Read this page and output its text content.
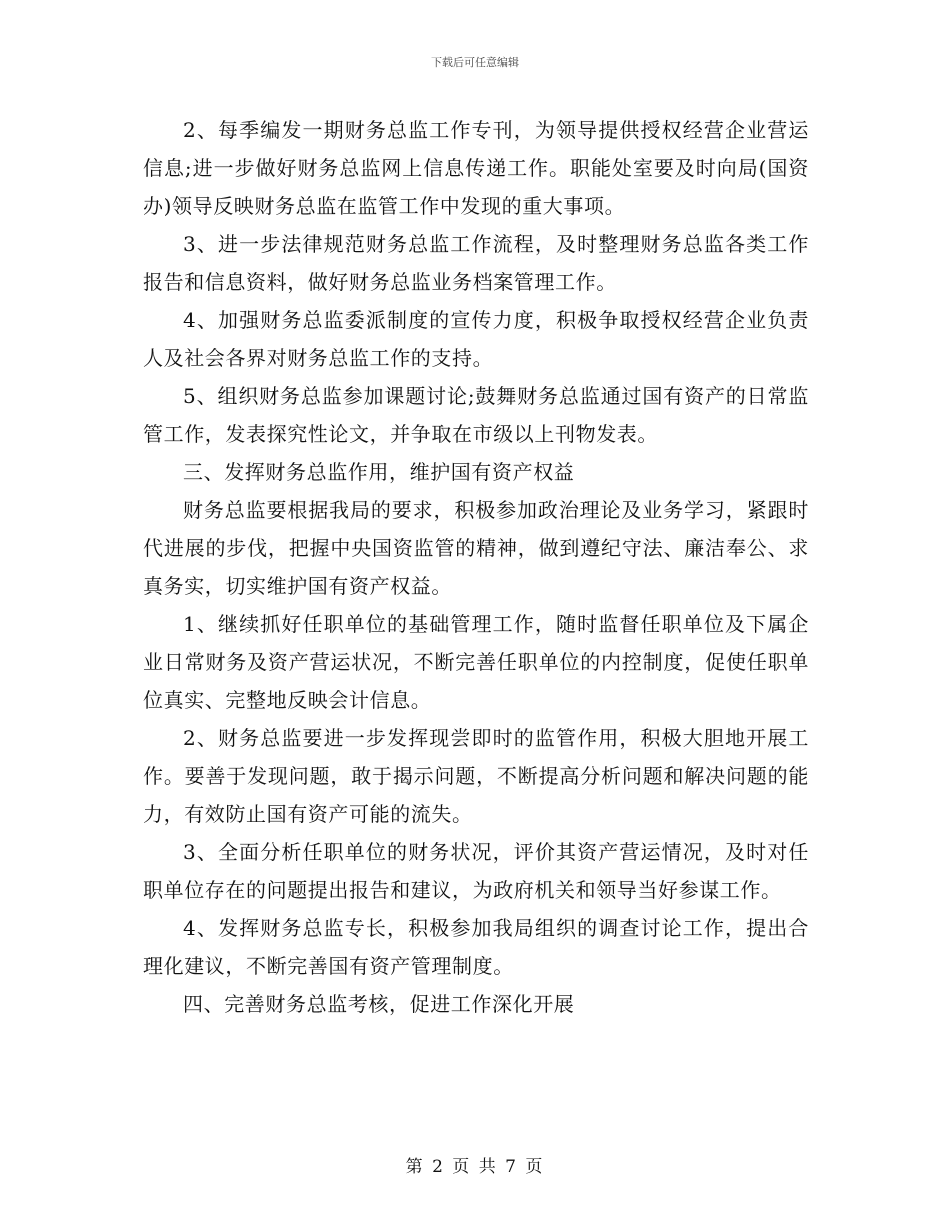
下载后可任意编辑

2、每季编发一期财务总监工作专刊，为领导提供授权经营企业营运信息;进一步做好财务总监网上信息传递工作。职能处室要及时向局(国资办)领导反映财务总监在监管工作中发现的重大事项。

3、进一步法律规范财务总监工作流程，及时整理财务总监各类工作报告和信息资料，做好财务总监业务档案管理工作。

4、加强财务总监委派制度的宣传力度，积极争取授权经营企业负责人及社会各界对财务总监工作的支持。

5、组织财务总监参加课题讨论;鼓舞财务总监通过国有资产的日常监管工作，发表探究性论文，并争取在市级以上刊物发表。

三、发挥财务总监作用，维护国有资产权益

财务总监要根据我局的要求，积极参加政治理论及业务学习，紧跟时代进展的步伐，把握中央国资监管的精神，做到遵纪守法、廉洁奉公、求真务实，切实维护国有资产权益。

1、继续抓好任职单位的基础管理工作，随时监督任职单位及下属企业日常财务及资产营运状况，不断完善任职单位的内控制度，促使任职单位真实、完整地反映会计信息。

2、财务总监要进一步发挥现尝即时的监管作用，积极大胆地开展工作。要善于发现问题，敢于揭示问题，不断提高分析问题和解决问题的能力，有效防止国有资产可能的流失。

3、全面分析任职单位的财务状况，评价其资产营运情况，及时对任职单位存在的问题提出报告和建议，为政府机关和领导当好参谋工作。

4、发挥财务总监专长，积极参加我局组织的调查讨论工作，提出合理化建议，不断完善国有资产管理制度。

四、完善财务总监考核，促进工作深化开展

第 2 页 共 7 页
